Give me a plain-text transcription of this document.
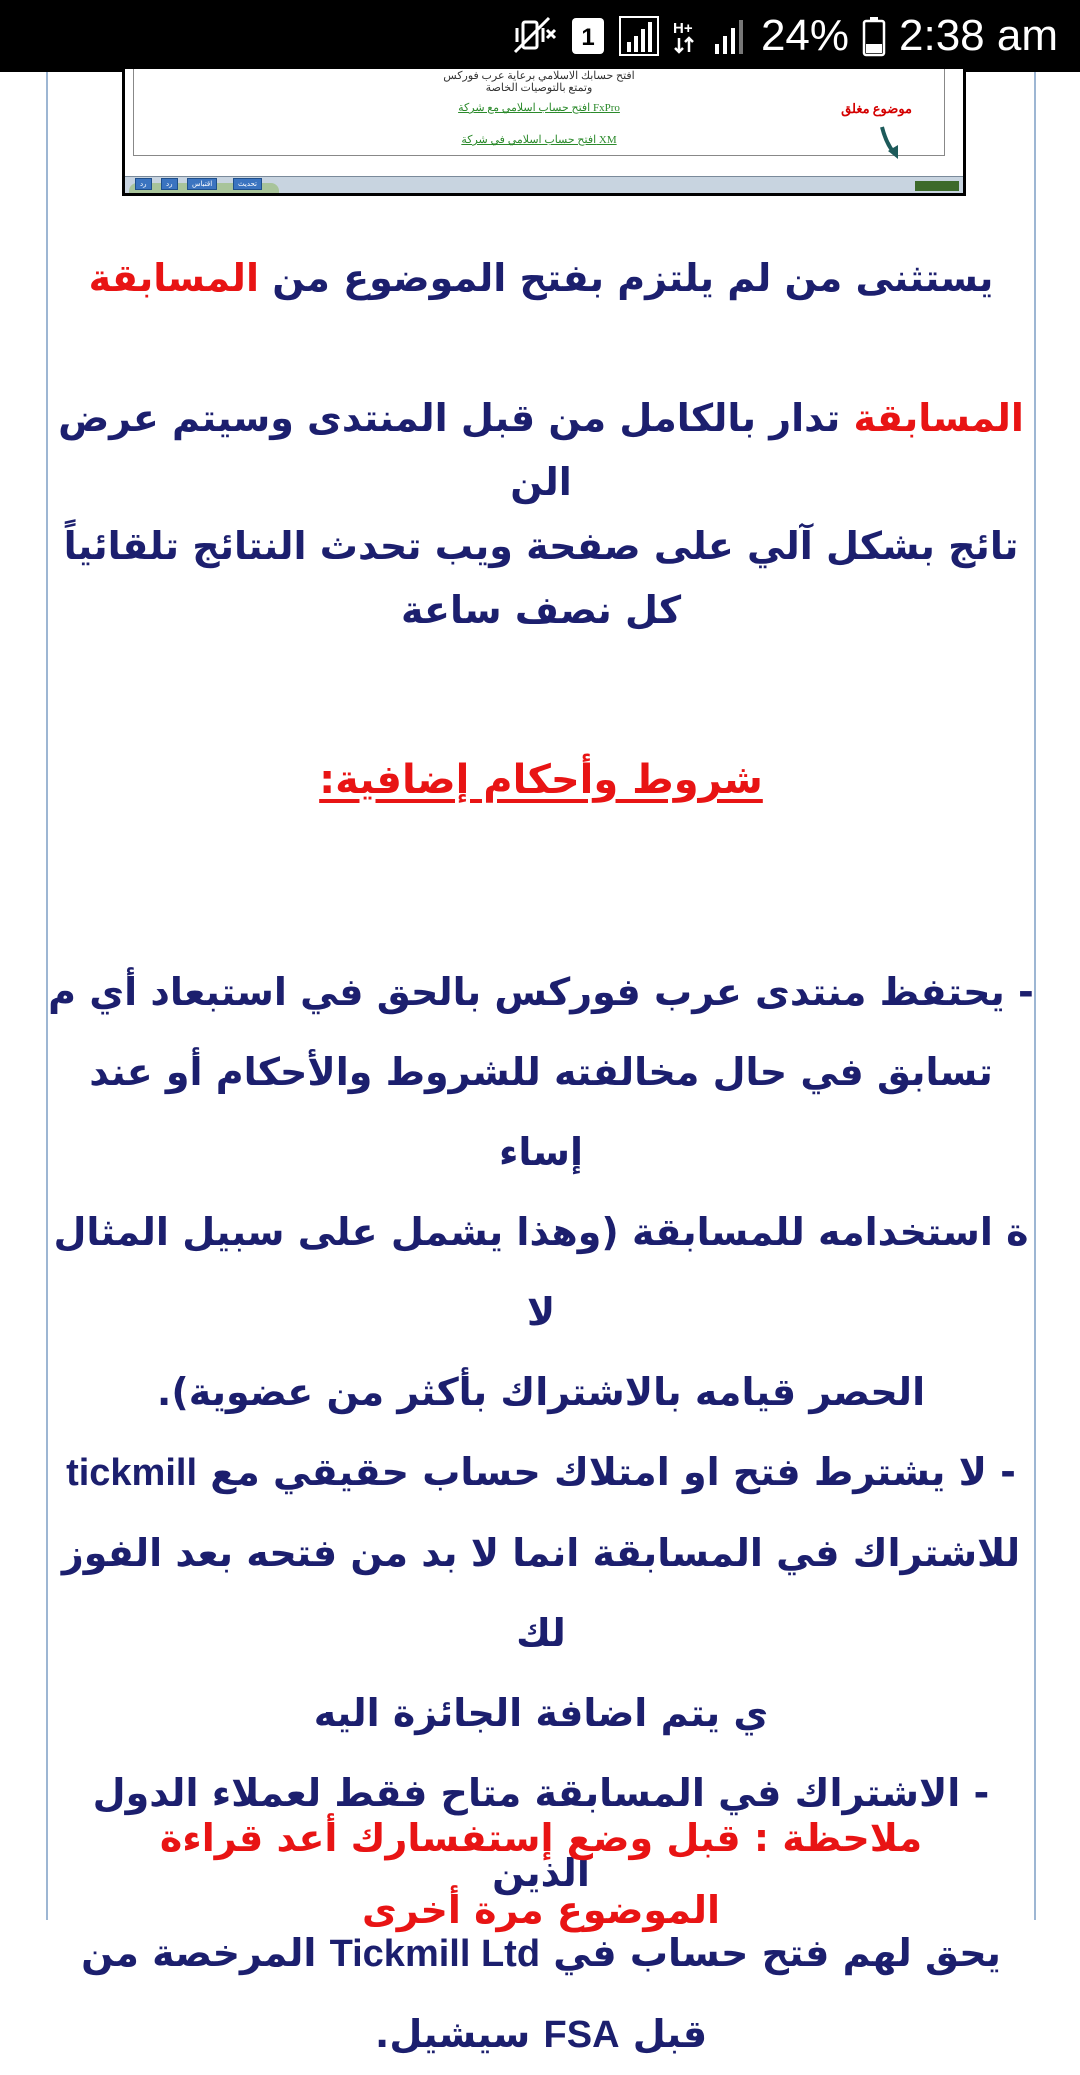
1	H+ 24% 2:38 am
افتح حسابك الاسلامي برعاية عرب فوركس
وتمتع بالتوصيات الخاصة
افتح حساب اسلامي مع شركة FxPro
افتح حساب اسلامي في شركة XM
موضوع مغلق
رد	رد	اقتباس	تحديث
يستثنى من لم يلتزم بفتح الموضوع من المسابقة
المسابقة تدار بالكامل من قبل المنتدى وسيتم عرض الن
تائج بشكل آلي على صفحة ويب تحدث النتائج تلقائياً
كل نصف ساعة
شروط وأحكام إضافية:
- يحتفظ منتدى عرب فوركس بالحق في استبعاد أي م
تسابق في حال مخالفته للشروط والأحكام أو عند إساء
ة استخدامه للمسابقة (وهذا يشمل على سبيل المثال لا
الحصر قيامه بالاشتراك بأكثر من عضوية).
- لا يشترط فتح او امتلاك حساب حقيقي مع tickmill
للاشتراك في المسابقة انما لا بد من فتحه بعد الفوز لك
ي يتم اضافة الجائزة اليه
- الاشتراك في المسابقة متاح فقط لعملاء الدول الذين
يحق لهم فتح حساب في Tickmill Ltd المرخصة من
قبل FSA سيشيل.
ملاحظة : قبل وضع إستفسارك أعد قراءة
الموضوع مرة أخرى
